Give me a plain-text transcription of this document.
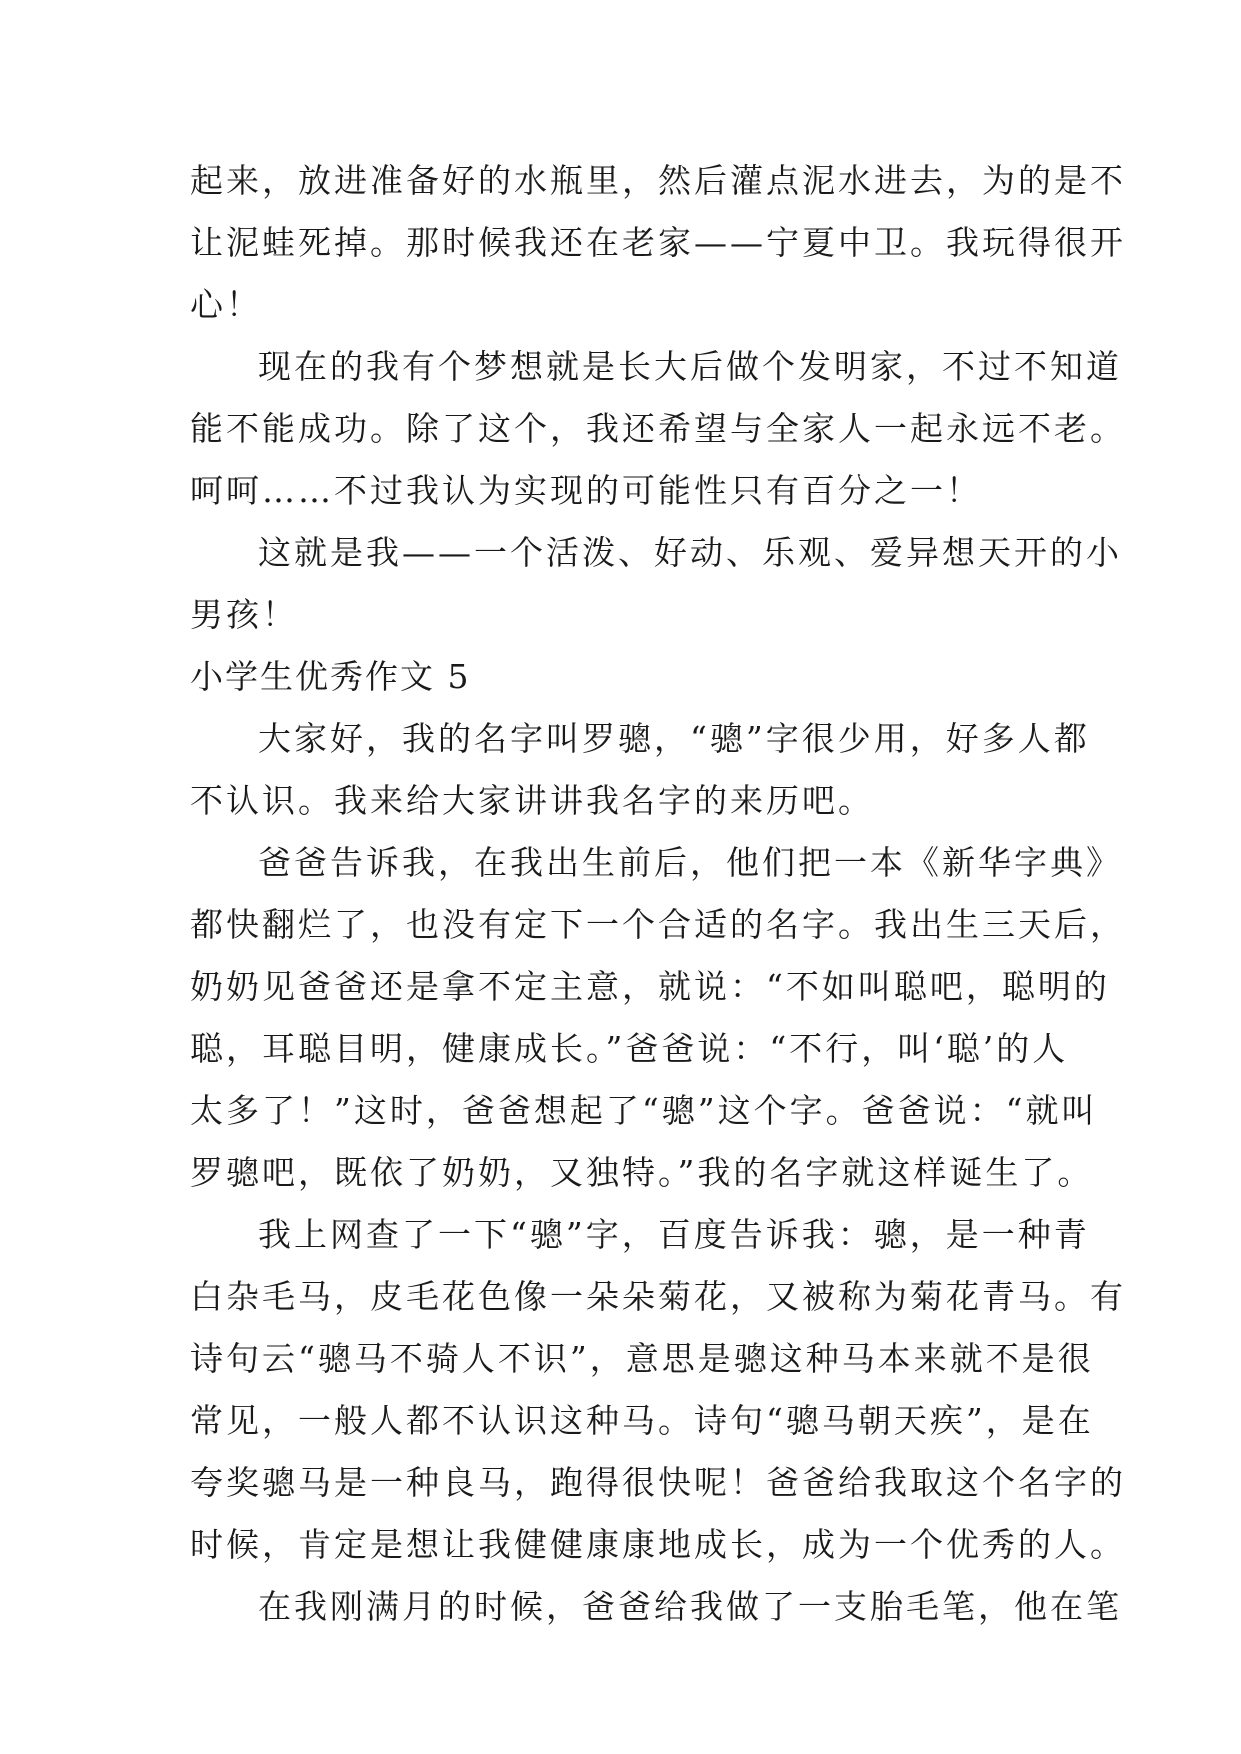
起来，放进准备好的水瓶里，然后灌点泥水进去，为的是不
让泥蛙死掉。那时候我还在老家——宁夏中卫。我玩得很开
心！
现在的我有个梦想就是长大后做个发明家，不过不知道
能不能成功。除了这个，我还希望与全家人一起永远不老。
呵呵……不过我认为实现的可能性只有百分之一！
这就是我——一个活泼、好动、乐观、爱异想天开的小
男孩！
小学生优秀作文 5
大家好，我的名字叫罗骢，“骢”字很少用，好多人都
不认识。我来给大家讲讲我名字的来历吧。
爸爸告诉我，在我出生前后，他们把一本《新华字典》
都快翻烂了，也没有定下一个合适的名字。我出生三天后，
奶奶见爸爸还是拿不定主意，就说：“不如叫聪吧，聪明的
聪，耳聪目明，健康成长。”爸爸说：“不行，叫‘聪’的人
太多了！”这时，爸爸想起了“骢”这个字。爸爸说：“就叫
罗骢吧，既依了奶奶，又独特。”我的名字就这样诞生了。
我上网查了一下“骢”字，百度告诉我：骢，是一种青
白杂毛马，皮毛花色像一朵朵菊花，又被称为菊花青马。有
诗句云“骢马不骑人不识”，意思是骢这种马本来就不是很
常见，一般人都不认识这种马。诗句“骢马朝天疾”，是在
夸奖骢马是一种良马，跑得很快呢！爸爸给我取这个名字的
时候，肯定是想让我健健康康地成长，成为一个优秀的人。
在我刚满月的时候，爸爸给我做了一支胎毛笔，他在笔
